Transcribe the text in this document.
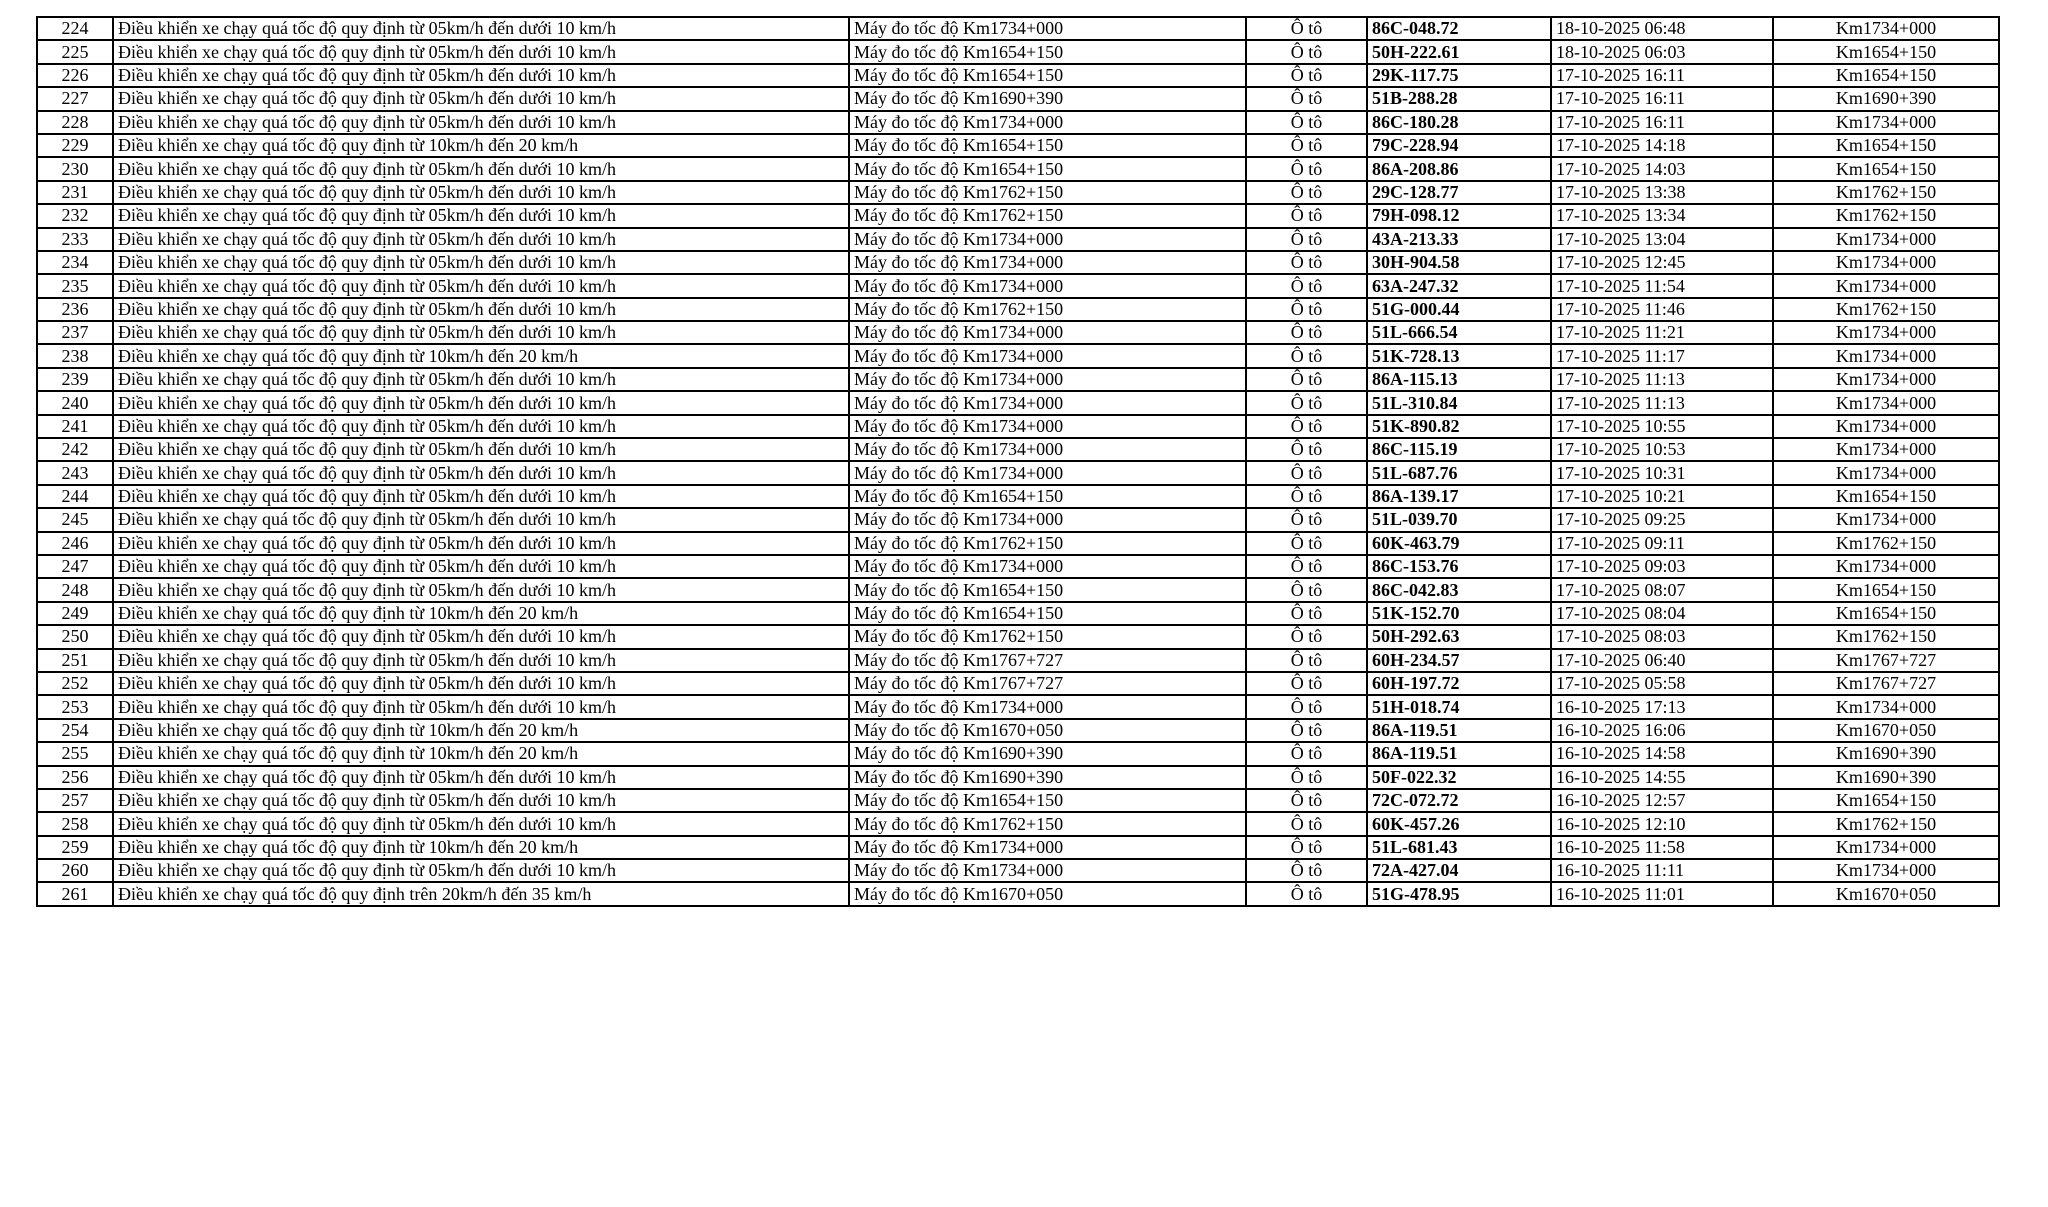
224	Điều khiển xe chạy quá tốc độ quy định từ 05km/h đến dưới 10 km/h	Máy đo tốc độ Km1734+000	Ô tô	86C-048.72	18-10-2025 06:48	Km1734+000
225	Điều khiển xe chạy quá tốc độ quy định từ 05km/h đến dưới 10 km/h	Máy đo tốc độ Km1654+150	Ô tô	50H-222.61	18-10-2025 06:03	Km1654+150
226	Điều khiển xe chạy quá tốc độ quy định từ 05km/h đến dưới 10 km/h	Máy đo tốc độ Km1654+150	Ô tô	29K-117.75	17-10-2025 16:11	Km1654+150
227	Điều khiển xe chạy quá tốc độ quy định từ 05km/h đến dưới 10 km/h	Máy đo tốc độ Km1690+390	Ô tô	51B-288.28	17-10-2025 16:11	Km1690+390
228	Điều khiển xe chạy quá tốc độ quy định từ 05km/h đến dưới 10 km/h	Máy đo tốc độ Km1734+000	Ô tô	86C-180.28	17-10-2025 16:11	Km1734+000
229	Điều khiển xe chạy quá tốc độ quy định từ 10km/h đến 20 km/h	Máy đo tốc độ Km1654+150	Ô tô	79C-228.94	17-10-2025 14:18	Km1654+150
230	Điều khiển xe chạy quá tốc độ quy định từ 05km/h đến dưới 10 km/h	Máy đo tốc độ Km1654+150	Ô tô	86A-208.86	17-10-2025 14:03	Km1654+150
231	Điều khiển xe chạy quá tốc độ quy định từ 05km/h đến dưới 10 km/h	Máy đo tốc độ Km1762+150	Ô tô	29C-128.77	17-10-2025 13:38	Km1762+150
232	Điều khiển xe chạy quá tốc độ quy định từ 05km/h đến dưới 10 km/h	Máy đo tốc độ Km1762+150	Ô tô	79H-098.12	17-10-2025 13:34	Km1762+150
233	Điều khiển xe chạy quá tốc độ quy định từ 05km/h đến dưới 10 km/h	Máy đo tốc độ Km1734+000	Ô tô	43A-213.33	17-10-2025 13:04	Km1734+000
234	Điều khiển xe chạy quá tốc độ quy định từ 05km/h đến dưới 10 km/h	Máy đo tốc độ Km1734+000	Ô tô	30H-904.58	17-10-2025 12:45	Km1734+000
235	Điều khiển xe chạy quá tốc độ quy định từ 05km/h đến dưới 10 km/h	Máy đo tốc độ Km1734+000	Ô tô	63A-247.32	17-10-2025 11:54	Km1734+000
236	Điều khiển xe chạy quá tốc độ quy định từ 05km/h đến dưới 10 km/h	Máy đo tốc độ Km1762+150	Ô tô	51G-000.44	17-10-2025 11:46	Km1762+150
237	Điều khiển xe chạy quá tốc độ quy định từ 05km/h đến dưới 10 km/h	Máy đo tốc độ Km1734+000	Ô tô	51L-666.54	17-10-2025 11:21	Km1734+000
238	Điều khiển xe chạy quá tốc độ quy định từ 10km/h đến 20 km/h	Máy đo tốc độ Km1734+000	Ô tô	51K-728.13	17-10-2025 11:17	Km1734+000
239	Điều khiển xe chạy quá tốc độ quy định từ 05km/h đến dưới 10 km/h	Máy đo tốc độ Km1734+000	Ô tô	86A-115.13	17-10-2025 11:13	Km1734+000
240	Điều khiển xe chạy quá tốc độ quy định từ 05km/h đến dưới 10 km/h	Máy đo tốc độ Km1734+000	Ô tô	51L-310.84	17-10-2025 11:13	Km1734+000
241	Điều khiển xe chạy quá tốc độ quy định từ 05km/h đến dưới 10 km/h	Máy đo tốc độ Km1734+000	Ô tô	51K-890.82	17-10-2025 10:55	Km1734+000
242	Điều khiển xe chạy quá tốc độ quy định từ 05km/h đến dưới 10 km/h	Máy đo tốc độ Km1734+000	Ô tô	86C-115.19	17-10-2025 10:53	Km1734+000
243	Điều khiển xe chạy quá tốc độ quy định từ 05km/h đến dưới 10 km/h	Máy đo tốc độ Km1734+000	Ô tô	51L-687.76	17-10-2025 10:31	Km1734+000
244	Điều khiển xe chạy quá tốc độ quy định từ 05km/h đến dưới 10 km/h	Máy đo tốc độ Km1654+150	Ô tô	86A-139.17	17-10-2025 10:21	Km1654+150
245	Điều khiển xe chạy quá tốc độ quy định từ 05km/h đến dưới 10 km/h	Máy đo tốc độ Km1734+000	Ô tô	51L-039.70	17-10-2025 09:25	Km1734+000
246	Điều khiển xe chạy quá tốc độ quy định từ 05km/h đến dưới 10 km/h	Máy đo tốc độ Km1762+150	Ô tô	60K-463.79	17-10-2025 09:11	Km1762+150
247	Điều khiển xe chạy quá tốc độ quy định từ 05km/h đến dưới 10 km/h	Máy đo tốc độ Km1734+000	Ô tô	86C-153.76	17-10-2025 09:03	Km1734+000
248	Điều khiển xe chạy quá tốc độ quy định từ 05km/h đến dưới 10 km/h	Máy đo tốc độ Km1654+150	Ô tô	86C-042.83	17-10-2025 08:07	Km1654+150
249	Điều khiển xe chạy quá tốc độ quy định từ 10km/h đến 20 km/h	Máy đo tốc độ Km1654+150	Ô tô	51K-152.70	17-10-2025 08:04	Km1654+150
250	Điều khiển xe chạy quá tốc độ quy định từ 05km/h đến dưới 10 km/h	Máy đo tốc độ Km1762+150	Ô tô	50H-292.63	17-10-2025 08:03	Km1762+150
251	Điều khiển xe chạy quá tốc độ quy định từ 05km/h đến dưới 10 km/h	Máy đo tốc độ Km1767+727	Ô tô	60H-234.57	17-10-2025 06:40	Km1767+727
252	Điều khiển xe chạy quá tốc độ quy định từ 05km/h đến dưới 10 km/h	Máy đo tốc độ Km1767+727	Ô tô	60H-197.72	17-10-2025 05:58	Km1767+727
253	Điều khiển xe chạy quá tốc độ quy định từ 05km/h đến dưới 10 km/h	Máy đo tốc độ Km1734+000	Ô tô	51H-018.74	16-10-2025 17:13	Km1734+000
254	Điều khiển xe chạy quá tốc độ quy định từ 10km/h đến 20 km/h	Máy đo tốc độ Km1670+050	Ô tô	86A-119.51	16-10-2025 16:06	Km1670+050
255	Điều khiển xe chạy quá tốc độ quy định từ 10km/h đến 20 km/h	Máy đo tốc độ Km1690+390	Ô tô	86A-119.51	16-10-2025 14:58	Km1690+390
256	Điều khiển xe chạy quá tốc độ quy định từ 05km/h đến dưới 10 km/h	Máy đo tốc độ Km1690+390	Ô tô	50F-022.32	16-10-2025 14:55	Km1690+390
257	Điều khiển xe chạy quá tốc độ quy định từ 05km/h đến dưới 10 km/h	Máy đo tốc độ Km1654+150	Ô tô	72C-072.72	16-10-2025 12:57	Km1654+150
258	Điều khiển xe chạy quá tốc độ quy định từ 05km/h đến dưới 10 km/h	Máy đo tốc độ Km1762+150	Ô tô	60K-457.26	16-10-2025 12:10	Km1762+150
259	Điều khiển xe chạy quá tốc độ quy định từ 10km/h đến 20 km/h	Máy đo tốc độ Km1734+000	Ô tô	51L-681.43	16-10-2025 11:58	Km1734+000
260	Điều khiển xe chạy quá tốc độ quy định từ 05km/h đến dưới 10 km/h	Máy đo tốc độ Km1734+000	Ô tô	72A-427.04	16-10-2025 11:11	Km1734+000
261	Điều khiển xe chạy quá tốc độ quy định trên 20km/h đến 35 km/h	Máy đo tốc độ Km1670+050	Ô tô	51G-478.95	16-10-2025 11:01	Km1670+050
